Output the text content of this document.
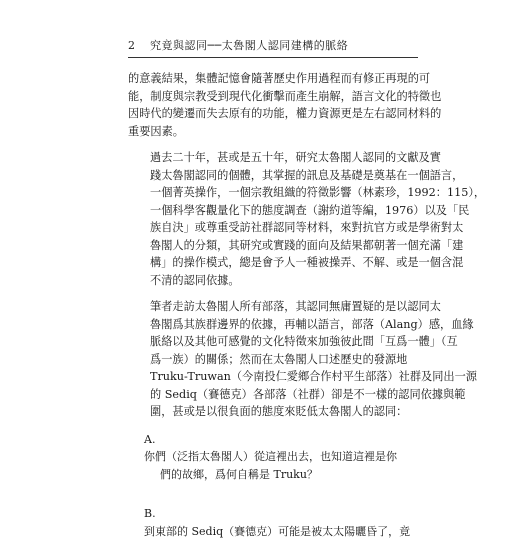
2 究竟與認同──太魯閣人認同建構的脈絡

的意義結果，集體記憶會隨著歷史作用過程而有修正再現的可
能，制度與宗教受到現代化衝擊而產生崩解，語言文化的特徵也
因時代的變遷而失去原有的功能，權力資源更是左右認同材料的
重要因素。

過去二十年，甚或是五十年，研究太魯閣人認同的文獻及實
踐太魯閣認同的個體，其掌握的訊息及基礎是奠基在一個語言，
一個菁英操作，一個宗教組織的符徵影響（林素珍，1992：115），
一個科學客觀量化下的態度調查（謝約道等編，1976）以及「民
族自決」或尊重受訪社群認同等材料，來對抗官方或是學術對太
魯閣人的分類，其研究或實踐的面向及結果都朝著一個充滿「建
構」的操作模式，總是會予人一種被操弄、不解、或是一個含混
不清的認同依據。

筆者走訪太魯閣人所有部落，其認同無庸置疑的是以認同太
魯閣爲其族群邊界的依據，再輔以語言，部落（Alang）感，血緣
脈絡以及其他可感覺的文化特徵來加強彼此間「互爲一體」（互
爲一族）的關係；然而在太魯閣人口述歷史的發源地
Truku-Truwan（今南投仁愛鄉合作村平生部落）社群及同出一源
的 Sediq（賽德克）各部落（社群）卻是不一樣的認同依據與範
圍，甚或是以很負面的態度來貶低太魯閣人的認同：

A.你們（泛指太魯閣人）從這裡出去，也知道這裡是你
們的故鄉，爲何自稱是 Truku？
B.到東部的 Sediq（賽德克）可能是被太太陽曬昏了，竟
